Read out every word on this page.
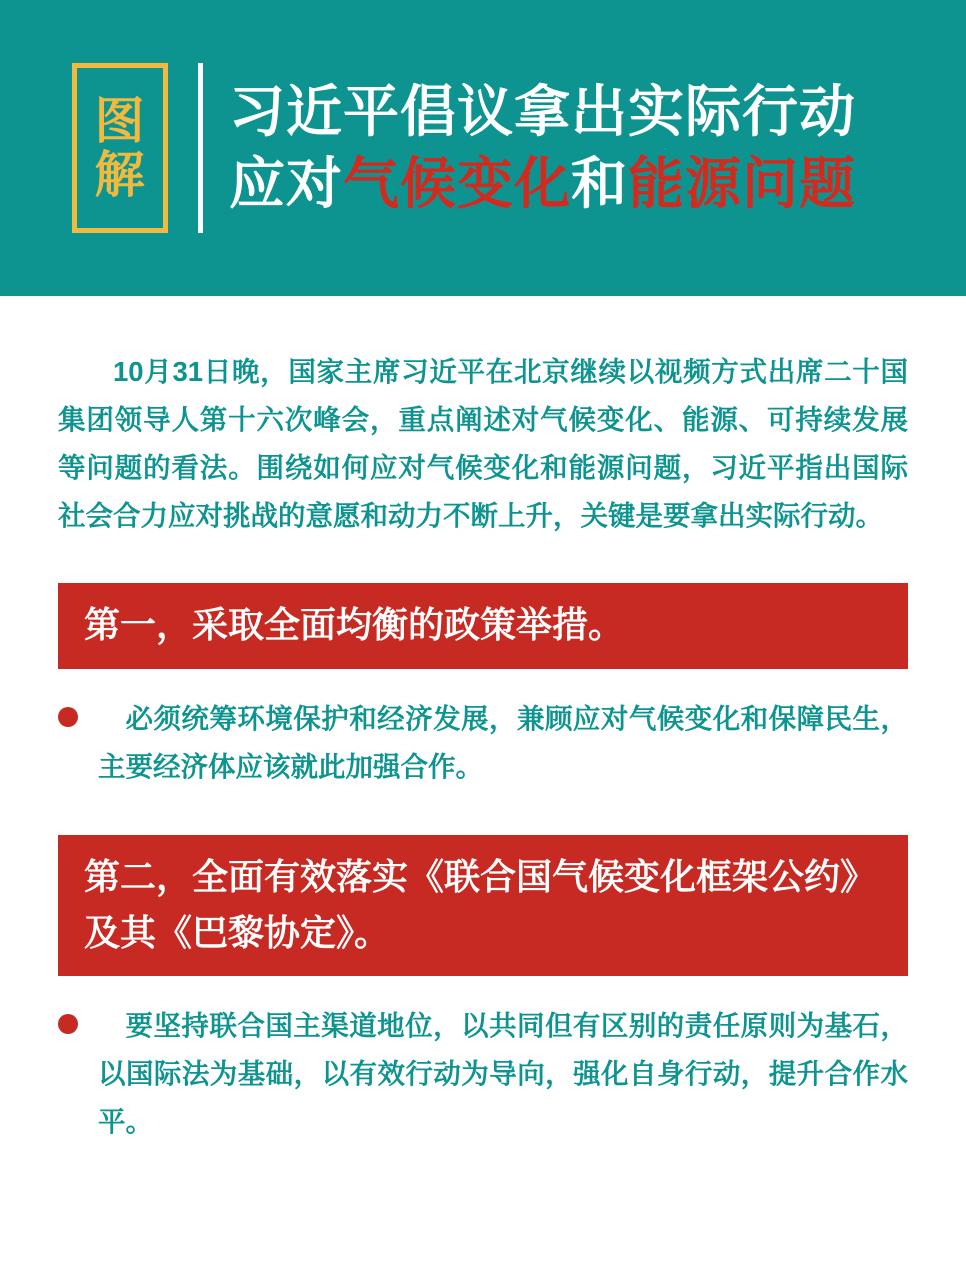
图
解
习近平倡议拿出实际行动
应对气候变化和能源问题

10月31日晚，国家主席习近平在北京继续以视频方式出席二十国集团领导人第十六次峰会，重点阐述对气候变化、能源、可持续发展等问题的看法。围绕如何应对气候变化和能源问题，习近平指出国际社会合力应对挑战的意愿和动力不断上升，关键是要拿出实际行动。

第一，采取全面均衡的政策举措。
必须统筹环境保护和经济发展，兼顾应对气候变化和保障民生，主要经济体应该就此加强合作。
第二，全面有效落实《联合国气候变化框架公约》及其《巴黎协定》。
要坚持联合国主渠道地位，以共同但有区别的责任原则为基石，以国际法为基础，以有效行动为导向，强化自身行动，提升合作水平。
